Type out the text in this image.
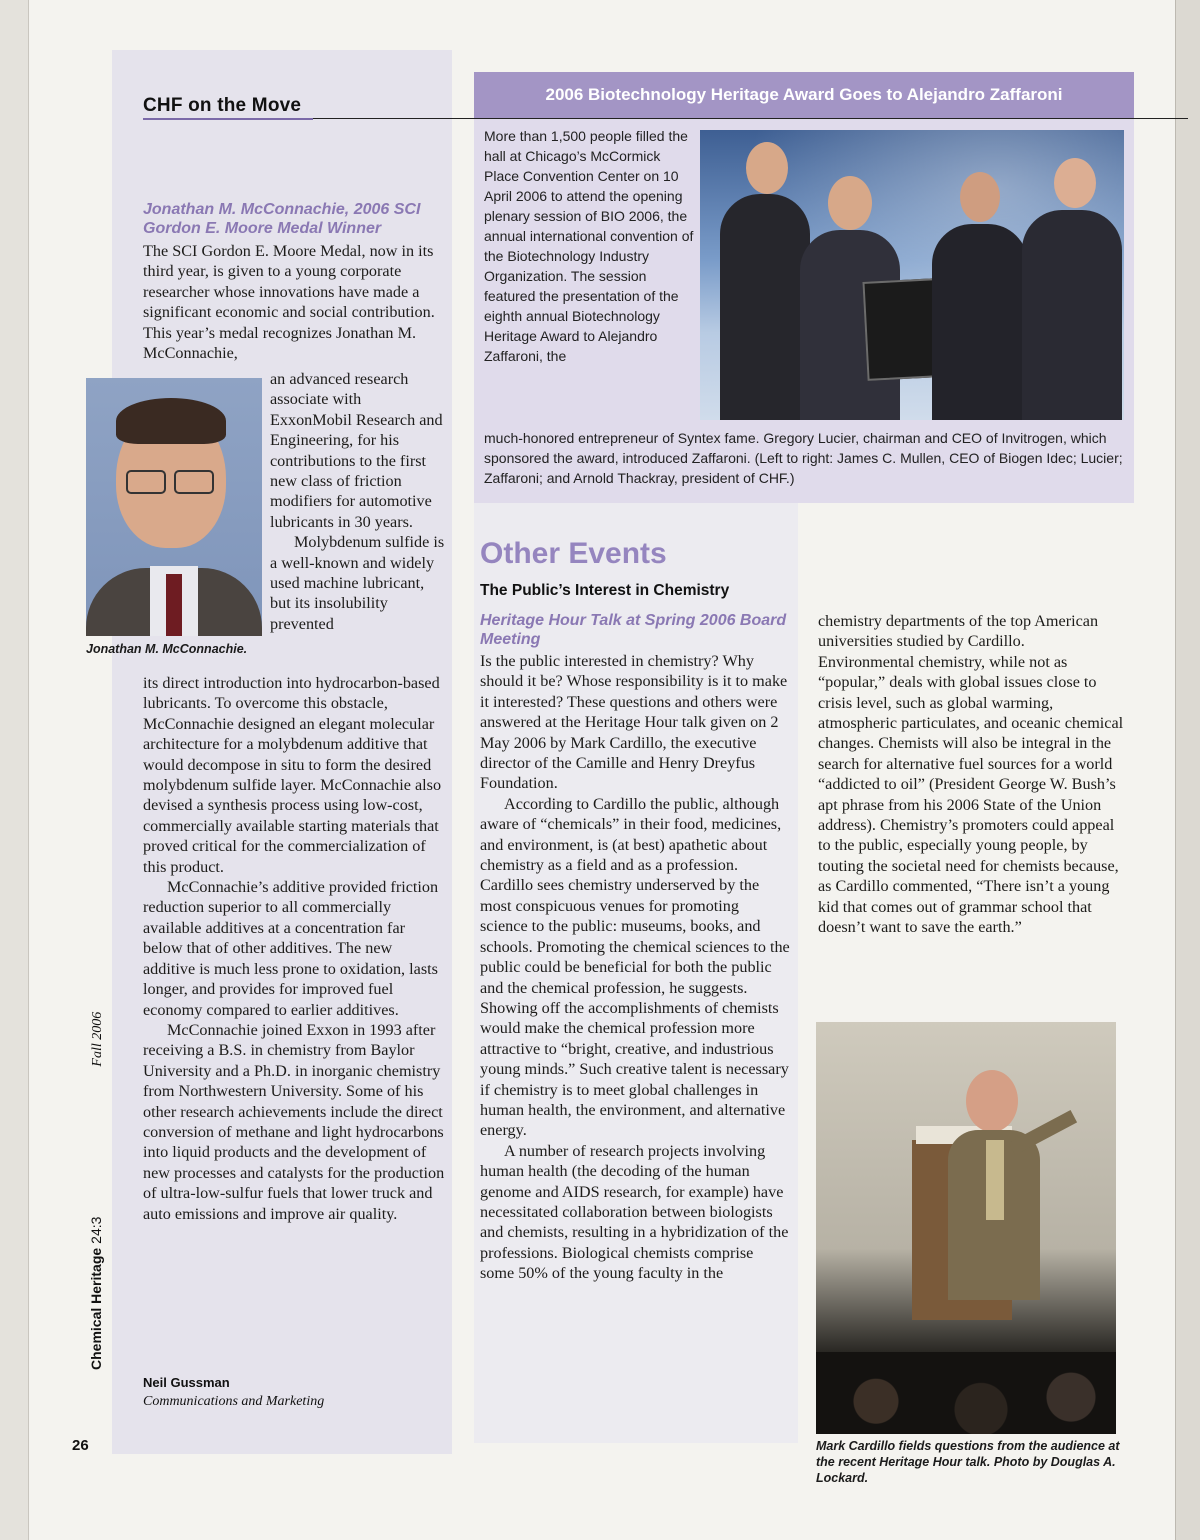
CHF on the Move
2006 Biotechnology Heritage Award Goes to Alejandro Zaffaroni
More than 1,500 people filled the hall at Chicago’s McCormick Place Convention Center on 10 April 2006 to attend the opening plenary session of BIO 2006, the annual international convention of the Biotechnology Industry Organization. The session featured the presentation of the eighth annual Biotechnology Heritage Award to Alejandro Zaffaroni, the
much-honored entrepreneur of Syntex fame. Gregory Lucier, chairman and CEO of Invitrogen, which sponsored the award, introduced Zaffaroni. (Left to right: James C. Mullen, CEO of Biogen Idec; Lucier; Zaffaroni; and Arnold Thackray, president of CHF.)
Jonathan M. McConnachie, 2006 SCI Gordon E. Moore Medal Winner
The SCI Gordon E. Moore Medal, now in its third year, is given to a young corporate researcher whose innovations have made a significant economic and social contribution. This year’s medal recognizes Jonathan M. McConnachie,
Jonathan M. McConnachie.

an advanced research associate with ExxonMobil Research and Engineering, for his contributions to the first new class of friction modifiers for automotive lubricants in 30 years.

Molybdenum sulfide is a well-known and widely used machine lubricant, but its insolubility prevented

its direct introduction into hydrocarbon-based lubricants. To overcome this obstacle, McConnachie designed an elegant molecular architecture for a molybdenum additive that would decompose in situ to form the desired molybdenum sulfide layer. McConnachie also devised a synthesis process using low-cost, commercially available starting materials that proved critical for the commercialization of this product.

McConnachie’s additive provided friction reduction superior to all commercially available additives at a concentration far below that of other additives. The new additive is much less prone to oxidation, lasts longer, and provides for improved fuel economy compared to earlier additives.

McConnachie joined Exxon in 1993 after receiving a B.S. in chemistry from Baylor University and a Ph.D. in inorganic chemistry from Northwestern University. Some of his other research achievements include the direct conversion of methane and light hydrocarbons into liquid products and the development of new processes and catalysts for the production of ultra-low-sulfur fuels that lower truck and auto emissions and improve air quality.

Neil Gussman
Communications and Marketing
Other Events
The Public’s Interest in Chemistry
Heritage Hour Talk at Spring 2006 Board Meeting

Is the public interested in chemistry? Why should it be? Whose responsibility is it to make it interested? These questions and others were answered at the Heritage Hour talk given on 2 May 2006 by Mark Cardillo, the executive director of the Camille and Henry Dreyfus Foundation.

According to Cardillo the public, although aware of “chemicals” in their food, medicines, and environment, is (at best) apathetic about chemistry as a field and as a profession. Cardillo sees chemistry underserved by the most conspicuous venues for promoting science to the public: museums, books, and schools. Promoting the chemical sciences to the public could be beneficial for both the public and the chemical profession, he suggests. Showing off the accomplishments of chemists would make the chemical profession more attractive to “bright, creative, and industrious young minds.” Such creative talent is necessary if chemistry is to meet global challenges in human health, the environment, and alternative energy.

A number of research projects involving human health (the decoding of the human genome and AIDS research, for example) have necessitated collaboration between biologists and chemists, resulting in a hybridization of the professions. Biological chemists comprise some 50% of the young faculty in the

chemistry departments of the top American universities studied by Cardillo. Environmental chemistry, while not as “popular,” deals with global issues close to crisis level, such as global warming, atmospheric particulates, and oceanic chemical changes. Chemists will also be integral in the search for alternative fuel sources for a world “addicted to oil” (President George W. Bush’s apt phrase from his 2006 State of the Union address). Chemistry’s promoters could appeal to the public, especially young people, by touting the societal need for chemists because, as Cardillo commented, “There isn’t a young kid that comes out of grammar school that doesn’t want to save the earth.”

Mark Cardillo fields questions from the audience at the recent Heritage Hour talk. Photo by Douglas A. Lockard.
Chemical Heritage24:3Fall 2006
26
